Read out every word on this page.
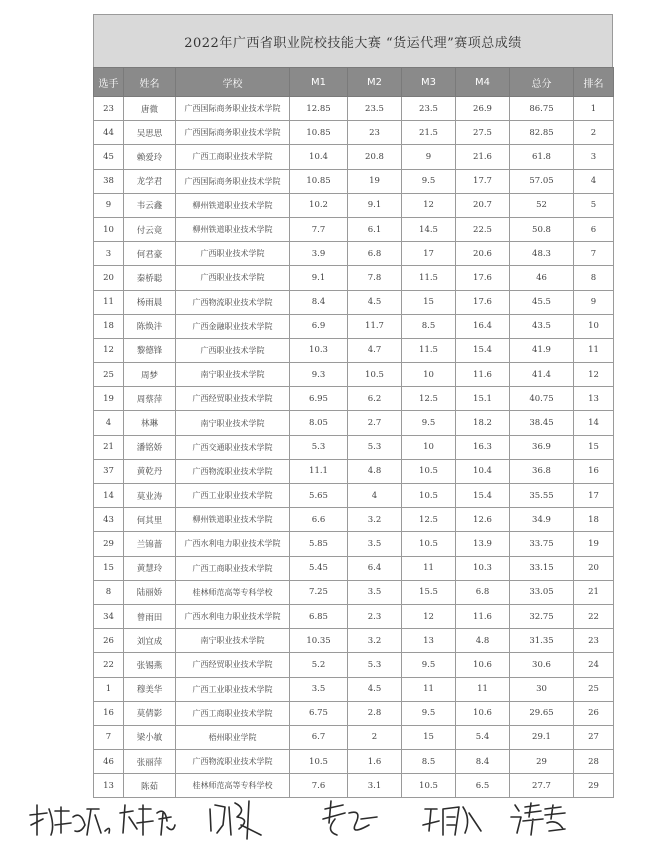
2022年广西省职业院校技能大赛 “货运代理”赛项总成绩
选手	姓名	学校	M1	M2	M3	M4	总分	排名
23	唐微	广西国际商务职业技术学院	12.85	23.5	23.5	26.9	86.75	1
44	吴思思	广西国际商务职业技术学院	10.85	23	21.5	27.5	82.85	2
45	赖爱玲	广西工商职业技术学院	10.4	20.8	9	21.6	61.8	3
38	龙学君	广西国际商务职业技术学院	10.85	19	9.5	17.7	57.05	4
9	韦云鑫	柳州铁道职业技术学院	10.2	9.1	12	20.7	52	5
10	付云竟	柳州铁道职业技术学院	7.7	6.1	14.5	22.5	50.8	6
3	何君豪	广西职业技术学院	3.9	6.8	17	20.6	48.3	7
20	秦桥聪	广西职业技术学院	9.1	7.8	11.5	17.6	46	8
11	杨雨晨	广西物流职业技术学院	8.4	4.5	15	17.6	45.5	9
18	陈焕沣	广西金融职业技术学院	6.9	11.7	8.5	16.4	43.5	10
12	黎德锋	广西职业技术学院	10.3	4.7	11.5	15.4	41.9	11
25	周梦	南宁职业技术学院	9.3	10.5	10	11.6	41.4	12
19	周蔡萍	广西经贸职业技术学院	6.95	6.2	12.5	15.1	40.75	13
4	林琳	南宁职业技术学院	8.05	2.7	9.5	18.2	38.45	14
21	潘铭娇	广西交通职业技术学院	5.3	5.3	10	16.3	36.9	15
37	黄乾丹	广西物流职业技术学院	11.1	4.8	10.5	10.4	36.8	16
14	莫业涛	广西工业职业技术学院	5.65	4	10.5	15.4	35.55	17
43	何其里	柳州铁道职业技术学院	6.6	3.2	12.5	12.6	34.9	18
29	兰锦蔷	广西水利电力职业技术学院	5.85	3.5	10.5	13.9	33.75	19
15	黄慧玲	广西工商职业技术学院	5.45	6.4	11	10.3	33.15	20
8	陆丽娇	桂林师范高等专科学校	7.25	3.5	15.5	6.8	33.05	21
34	曾雨田	广西水利电力职业技术学院	6.85	2.3	12	11.6	32.75	22
26	刘宜成	南宁职业技术学院	10.35	3.2	13	4.8	31.35	23
22	张锡燕	广西经贸职业技术学院	5.2	5.3	9.5	10.6	30.6	24
1	穆美华	广西工业职业技术学院	3.5	4.5	11	11	30	25
16	莫倩影	广西工商职业技术学院	6.75	2.8	9.5	10.6	29.65	26
7	梁小敏	梧州职业学院	6.7	2	15	5.4	29.1	27
46	张丽萍	广西物流职业技术学院	10.5	1.6	8.5	8.4	29	28
13	陈茹	桂林师范高等专科学校	7.6	3.1	10.5	6.5	27.7	29
